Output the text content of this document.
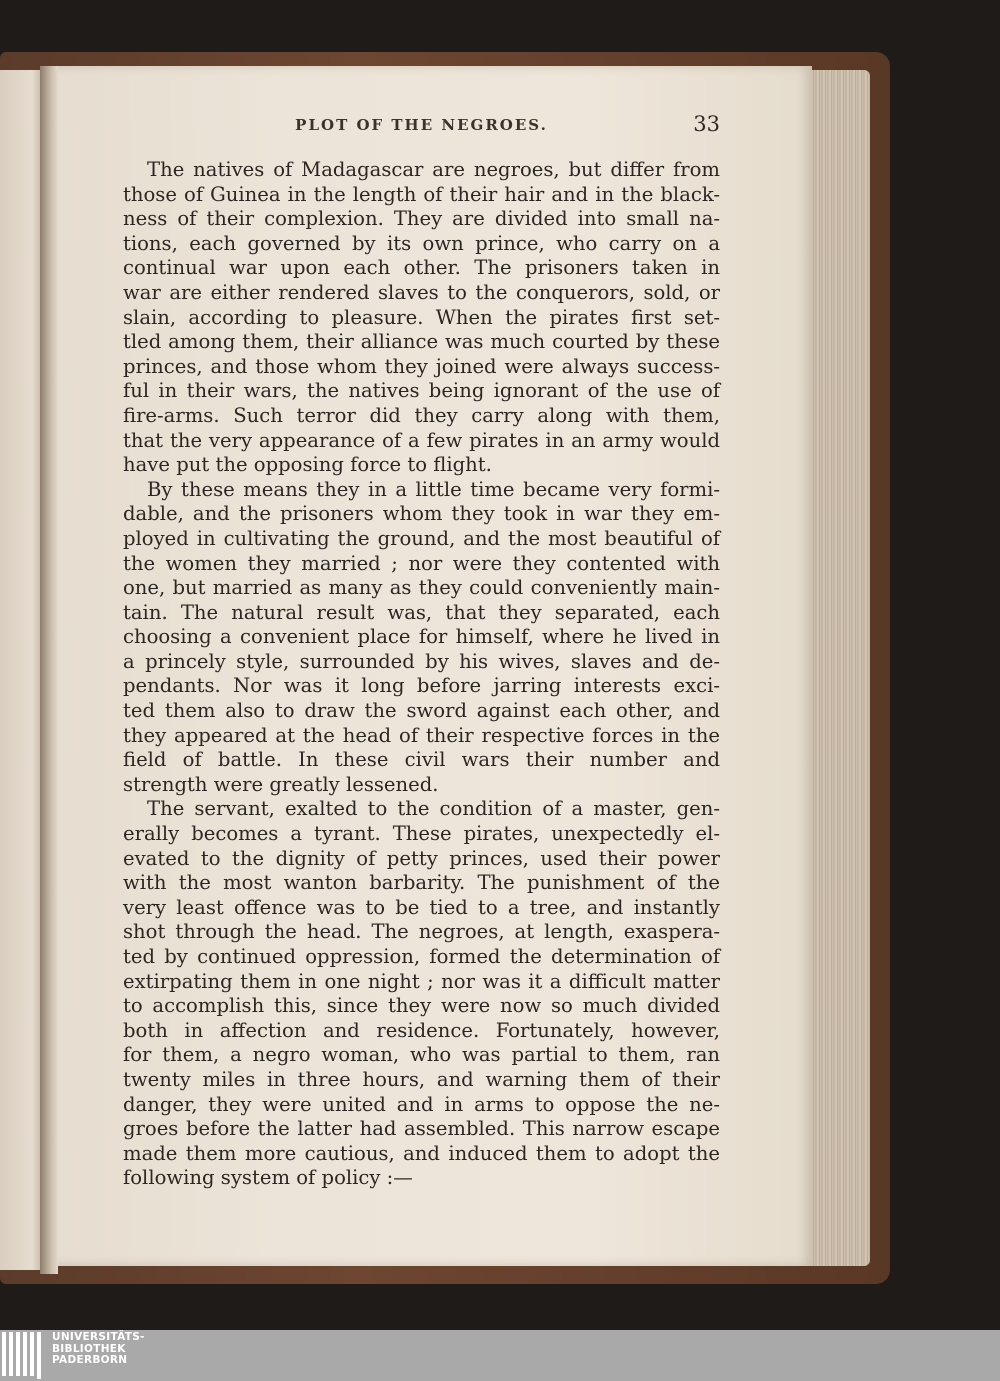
PLOT OF THE NEGROES.	33
The natives of Madagascar are negroes, but differ from
those of Guinea in the length of their hair and in the black-
ness of their complexion. They are divided into small na-
tions, each governed by its own prince, who carry on a
continual war upon each other. The prisoners taken in
war are either rendered slaves to the conquerors, sold, or
slain, according to pleasure. When the pirates first set-
tled among them, their alliance was much courted by these
princes, and those whom they joined were always success-
ful in their wars, the natives being ignorant of the use of
fire-arms. Such terror did they carry along with them,
that the very appearance of a few pirates in an army would
have put the opposing force to flight.
By these means they in a little time became very formi-
dable, and the prisoners whom they took in war they em-
ployed in cultivating the ground, and the most beautiful of
the women they married ; nor were they contented with
one, but married as many as they could conveniently main-
tain. The natural result was, that they separated, each
choosing a convenient place for himself, where he lived in
a princely style, surrounded by his wives, slaves and de-
pendants. Nor was it long before jarring interests exci-
ted them also to draw the sword against each other, and
they appeared at the head of their respective forces in the
field of battle. In these civil wars their number and
strength were greatly lessened.
The servant, exalted to the condition of a master, gen-
erally becomes a tyrant. These pirates, unexpectedly el-
evated to the dignity of petty princes, used their power
with the most wanton barbarity. The punishment of the
very least offence was to be tied to a tree, and instantly
shot through the head. The negroes, at length, exaspera-
ted by continued oppression, formed the determination of
extirpating them in one night ; nor was it a difficult matter
to accomplish this, since they were now so much divided
both in affection and residence. Fortunately, however,
for them, a negro woman, who was partial to them, ran
twenty miles in three hours, and warning them of their
danger, they were united and in arms to oppose the ne-
groes before the latter had assembled. This narrow escape
made them more cautious, and induced them to adopt the
following system of policy :—
UNIVERSITÄTS-
BIBLIOTHEK
PADERBORN
